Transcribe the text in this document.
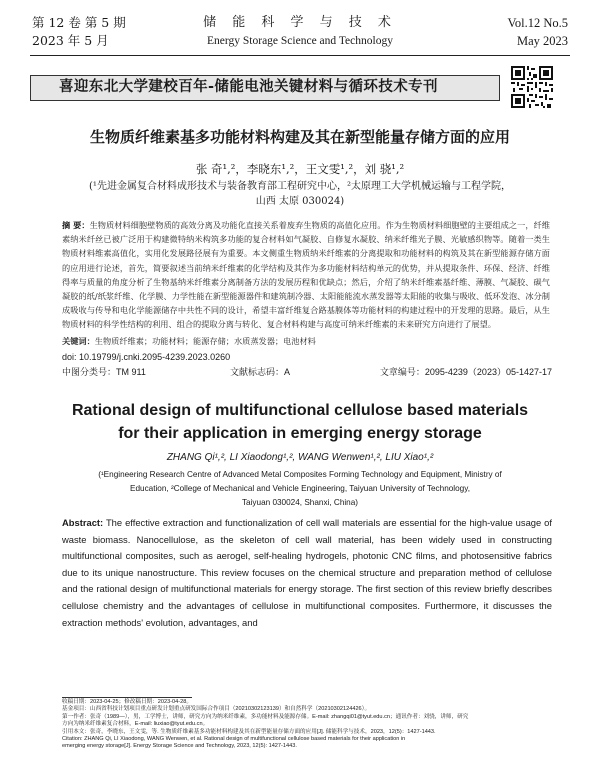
第 12 卷 第 5 期
2023 年 5 月
储 能 科 学 与 技 术
Energy Storage Science and Technology
Vol.12 No.5
May 2023
喜迎东北大学建校百年-储能电池关键材料与循环技术专刊
生物质纤维素基多功能材料构建及其在新型能量存储方面的应用
张 奇¹,²，李晓东¹,²，王文雯¹,²，刘 骁¹,²
(¹先进金属复合材料成形技术与装备教育部工程研究中心，²太原理工大学机械运输与工程学院，
山西 太原 030024)
摘 要：生物质材料细胞壁物质的高效分离及功能化直接关系着废弃生物质的高值化应用。作为生物质材料细胞壁的主要组成之一，纤维素纳米纤丝已被广泛用于构建微特纳米构筑多功能的复合材料如气凝胶、自修复水凝胶、纳米纤维光子膜、光敏感织物等。随着一类生物质材料维素高值化，实用化发展路径展有为重要。本文侧重生物质纳米纤维素的分离提取和功能材料的构筑及其在新型能源存储方面的应用进行论述，首先，简要叙述当前纳米纤维素的化学结构及其作为多功能材料结构单元的优势，并从提取条件、环保、经济、纤维得率与质量的角度分析了生物基纳米纤维素分离制备方法的发展历程和优缺点；然后，介绍了纳米纤维素基纤维、薄膜、气凝胶、碳气凝胶的纸/纸浆纤维、化学膜、力学性能在新型能源器件和建筑制冷器、太阳能能流水蒸发器等太阳能的收集与吸收、低环发泡、冰分制成吸收与传导和电化学能源储存中共性不同的设计，希望丰富纤维复合路基膜体等功能材料的构建过程中的开发理的思路。最后，从生物质材料的科学性结构的利用、组合的提取分离与转化、复合材料构建与高度可纳米纤维素的未来研究方向进行了展望。
关键词：生物质纤维素；功能材料；能源存储；水质蒸发器；电池材料
doi: 10.19799/j.cnki.2095-4239.2023.0260
中图分类号：TM 911	文献标志码：A	文章编号：2095-4239（2023）05-1427-17
Rational design of multifunctional cellulose based materials
for their application in emerging energy storage
ZHANG Qi¹,², LI Xiaodong¹,², WANG Wenwen¹,², LIU Xiao¹,²
(¹Engineering Research Centre of Advanced Metal Composites Forming Technology and Equipment, Ministry of
Education, ²College of Mechanical and Vehicle Engineering, Taiyuan University of Technology,
Taiyuan 030024, Shanxi, China)
Abstract: The effective extraction and functionalization of cell wall materials are essential for the high-value usage of waste biomass. Nanocellulose, as the skeleton of cell wall material, has been widely used in constructing multifunctional composites, such as aerogel, self-healing hydrogels, photonic CNC films, and photosensitive fabrics due to its unique nanostructure. This review focuses on the chemical structure and preparation method of cellulose and the rational design of multifunctional materials for energy storage. The first section of this review briefly describes cellulose chemistry and the advantages of cellulose in multifunctional composites. Furthermore, it discusses the extraction methods' evolution, advantages, and
收稿日期：2023-04-25；修改稿日期：2023-04-28。
基金项目：山西省科技计划项目重点研发计划重点研发国际合作项目（20210302123139）和自然科学（20210302124426）。
第一作者：张奇（1989—），男，工学博士，讲师，研究方向为纳米纤维素，多功能材料及能源存储。E-mail: zhangqi01@tyut.edu.cn；通讯作者：刘骁，讲师，研究
方向为纳米纤维素复合材料，E-mail: liuxiao@tyut.edu.cn。
引用本文：张奇，李晓东，王文雯，等. 生物质纤维素基多功能材料构建及其在新型能量存储方面的应用[J]. 储能科学与技术，2023，12(5)：1427-1443.
Citation: ZHANG Qi, LI Xiaodong, WANG Wenwen, et al. Rational design of multifunctional cellulose based materials for their application in
emerging energy storage[J]. Energy Storage Science and Technology, 2023, 12(5): 1427-1443.
